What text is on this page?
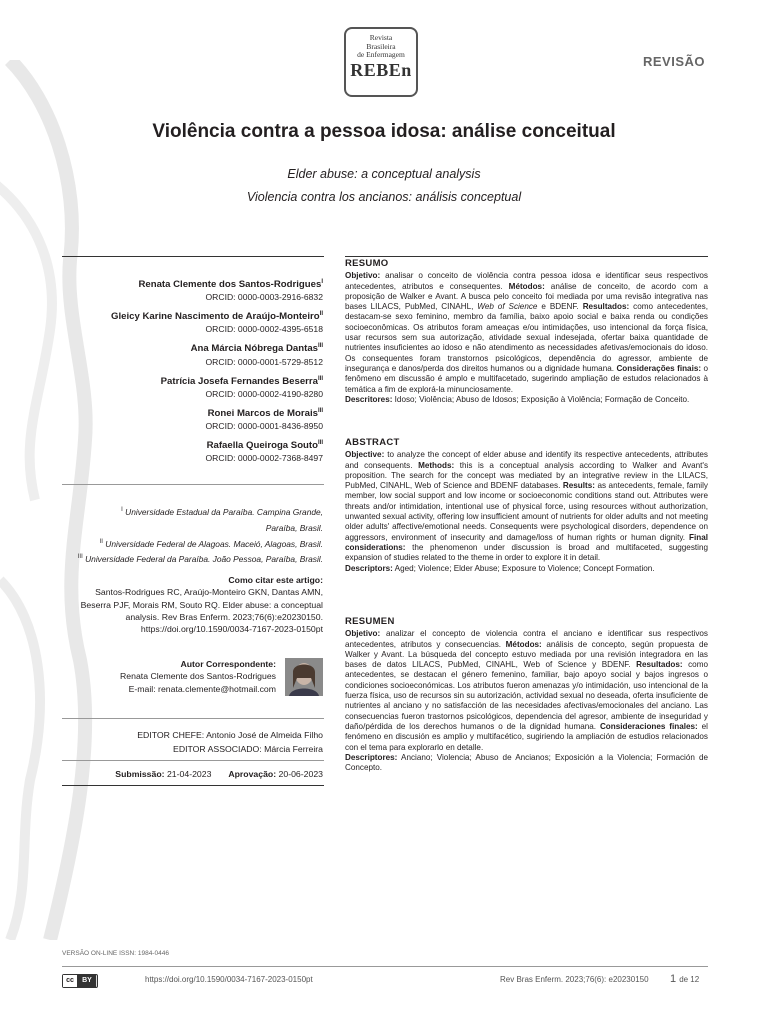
Revista
Brasileira
de Enfermagem
REBEn	REVISÃO
Violência contra a pessoa idosa: análise conceitual
Elder abuse: a conceptual analysis
Violencia contra los ancianos: análisis conceptual
Renata Clemente dos Santos-Rodrigues$^I$
ORCID: 0000-0003-2916-6832
Gleicy Karine Nascimento de Araújo-Monteiro$^{II}$
ORCID: 0000-0002-4395-6518
Ana Márcia Nóbrega Dantas$^{III}$
ORCID: 0000-0001-5729-8512
Patrícia Josefa Fernandes Beserra$^{III}$
ORCID: 0000-0002-4190-8280
Ronei Marcos de Morais$^{III}$
ORCID: 0000-0001-8436-8950
Rafaella Queiroga Souto$^{III}$
ORCID: 0000-0002-7368-8497
$^I$ Universidade Estadual da Paraíba. Campina Grande,
Paraíba, Brasil.
$^{II}$ Universidade Federal de Alagoas. Maceió, Alagoas, Brasil.
$^{III}$ Universidade Federal da Paraíba. João Pessoa, Paraíba, Brasil.
Como citar este artigo:
Santos-Rodrigues RC, Araújo-Monteiro GKN, Dantas AMN,
Beserra PJF, Morais RM, Souto RQ. Elder abuse: a conceptual
analysis. Rev Bras Enferm. 2023;76(6):e20230150.
https://doi.org/10.1590/0034-7167-2023-0150pt
Autor Correspondente:
Renata Clemente dos Santos-Rodrigues
E-mail: renata.clemente@hotmail.com
EDITOR CHEFE: Antonio José de Almeida Filho
EDITOR ASSOCIADO: Márcia Ferreira
Submissão: 21-04-2023 Aprovação: 20-06-2023
RESUMO

Objetivo: analisar o conceito de violência contra pessoa idosa e identificar seus respectivos antecedentes, atributos e consequentes. Métodos: análise de conceito, de acordo com a proposição de Walker e Avant. A busca pelo conceito foi mediada por uma revisão integrativa nas bases LILACS, PubMed, CINAHL, Web of Science e BDENF. Resultados: como antecedentes, destacam-se sexo feminino, membro da família, baixo apoio social e baixa renda ou condições socioeconômicas. Os atributos foram ameaças e/ou intimidações, uso intencional da força física, usar recursos sem sua autorização, atividade sexual indesejada, ofertar baixa quantidade de nutrientes insuficientes ao idoso e não atendimento as necessidades afetivas/emocionais do idoso. Os consequentes foram transtornos psicológicos, dependência do agressor, ambiente de insegurança e danos/perda dos direitos humanos ou a dignidade humana. Considerações finais: o fenômeno em discussão é amplo e multifacetado, sugerindo ampliação de estudos relacionados à temática a fim de explorá-la minunciosamente.

Descritores: Idoso; Violência; Abuso de Idosos; Exposição à Violência; Formação de Conceito.

ABSTRACT

Objective: to analyze the concept of elder abuse and identify its respective antecedents, attributes and consequents. Methods: this is a conceptual analysis according to Walker and Avant's proposition. The search for the concept was mediated by an integrative review in the LILACS, PubMed, CINAHL, Web of Science and BDENF databases. Results: as antecedents, female, family member, low social support and low income or socioeconomic conditions stand out. Attributes were threats and/or intimidation, intentional use of physical force, using resources without authorization, unwanted sexual activity, offering low insufficient amount of nutrients for older adults and not meeting older adults' affective/emotional needs. Consequents were psychological disorders, dependence on aggressors, environment of insecurity and damage/loss of human rights or human dignity. Final considerations: the phenomenon under discussion is broad and multifaceted, suggesting expansion of studies related to the theme in order to explore it in detail.

Descriptors: Aged; Violence; Elder Abuse; Exposure to Violence; Concept Formation.

RESUMEN

Objetivo: analizar el concepto de violencia contra el anciano e identificar sus respectivos antecedentes, atributos y consecuencias. Métodos: análisis de concepto, según propuesta de Walker y Avant. La búsqueda del concepto estuvo mediada por una revisión integradora en las bases de datos LILACS, PubMed, CINAHL, Web of Science y BDENF. Resultados: como antecedentes, se destacan el género femenino, familiar, bajo apoyo social y bajos ingresos o condiciones socioeconómicas. Los atributos fueron amenazas y/o intimidación, uso intencional de la fuerza física, uso de recursos sin su autorización, actividad sexual no deseada, oferta insuficiente de nutrientes al anciano y no satisfacción de las necesidades afectivas/emocionales del anciano. Las consecuencias fueron trastornos psicológicos, dependencia del agresor, ambiente de inseguridad y daño/pérdida de los derechos humanos o de la dignidad humana. Consideraciones finales: el fenómeno en discusión es amplio y multifacético, sugiriendo la ampliación de estudios relacionados con el tema para explorarlo en detalle.

Descriptores: Anciano; Violencia; Abuso de Ancianos; Exposición a la Violencia; Formación de Concepto.

VERSÃO ON-LINE ISSN: 1984-0446
cc BY	https://doi.org/10.1590/0034-7167-2023-0150pt	Rev Bras Enferm. 2023;76(6): e20230150 1 de 12
